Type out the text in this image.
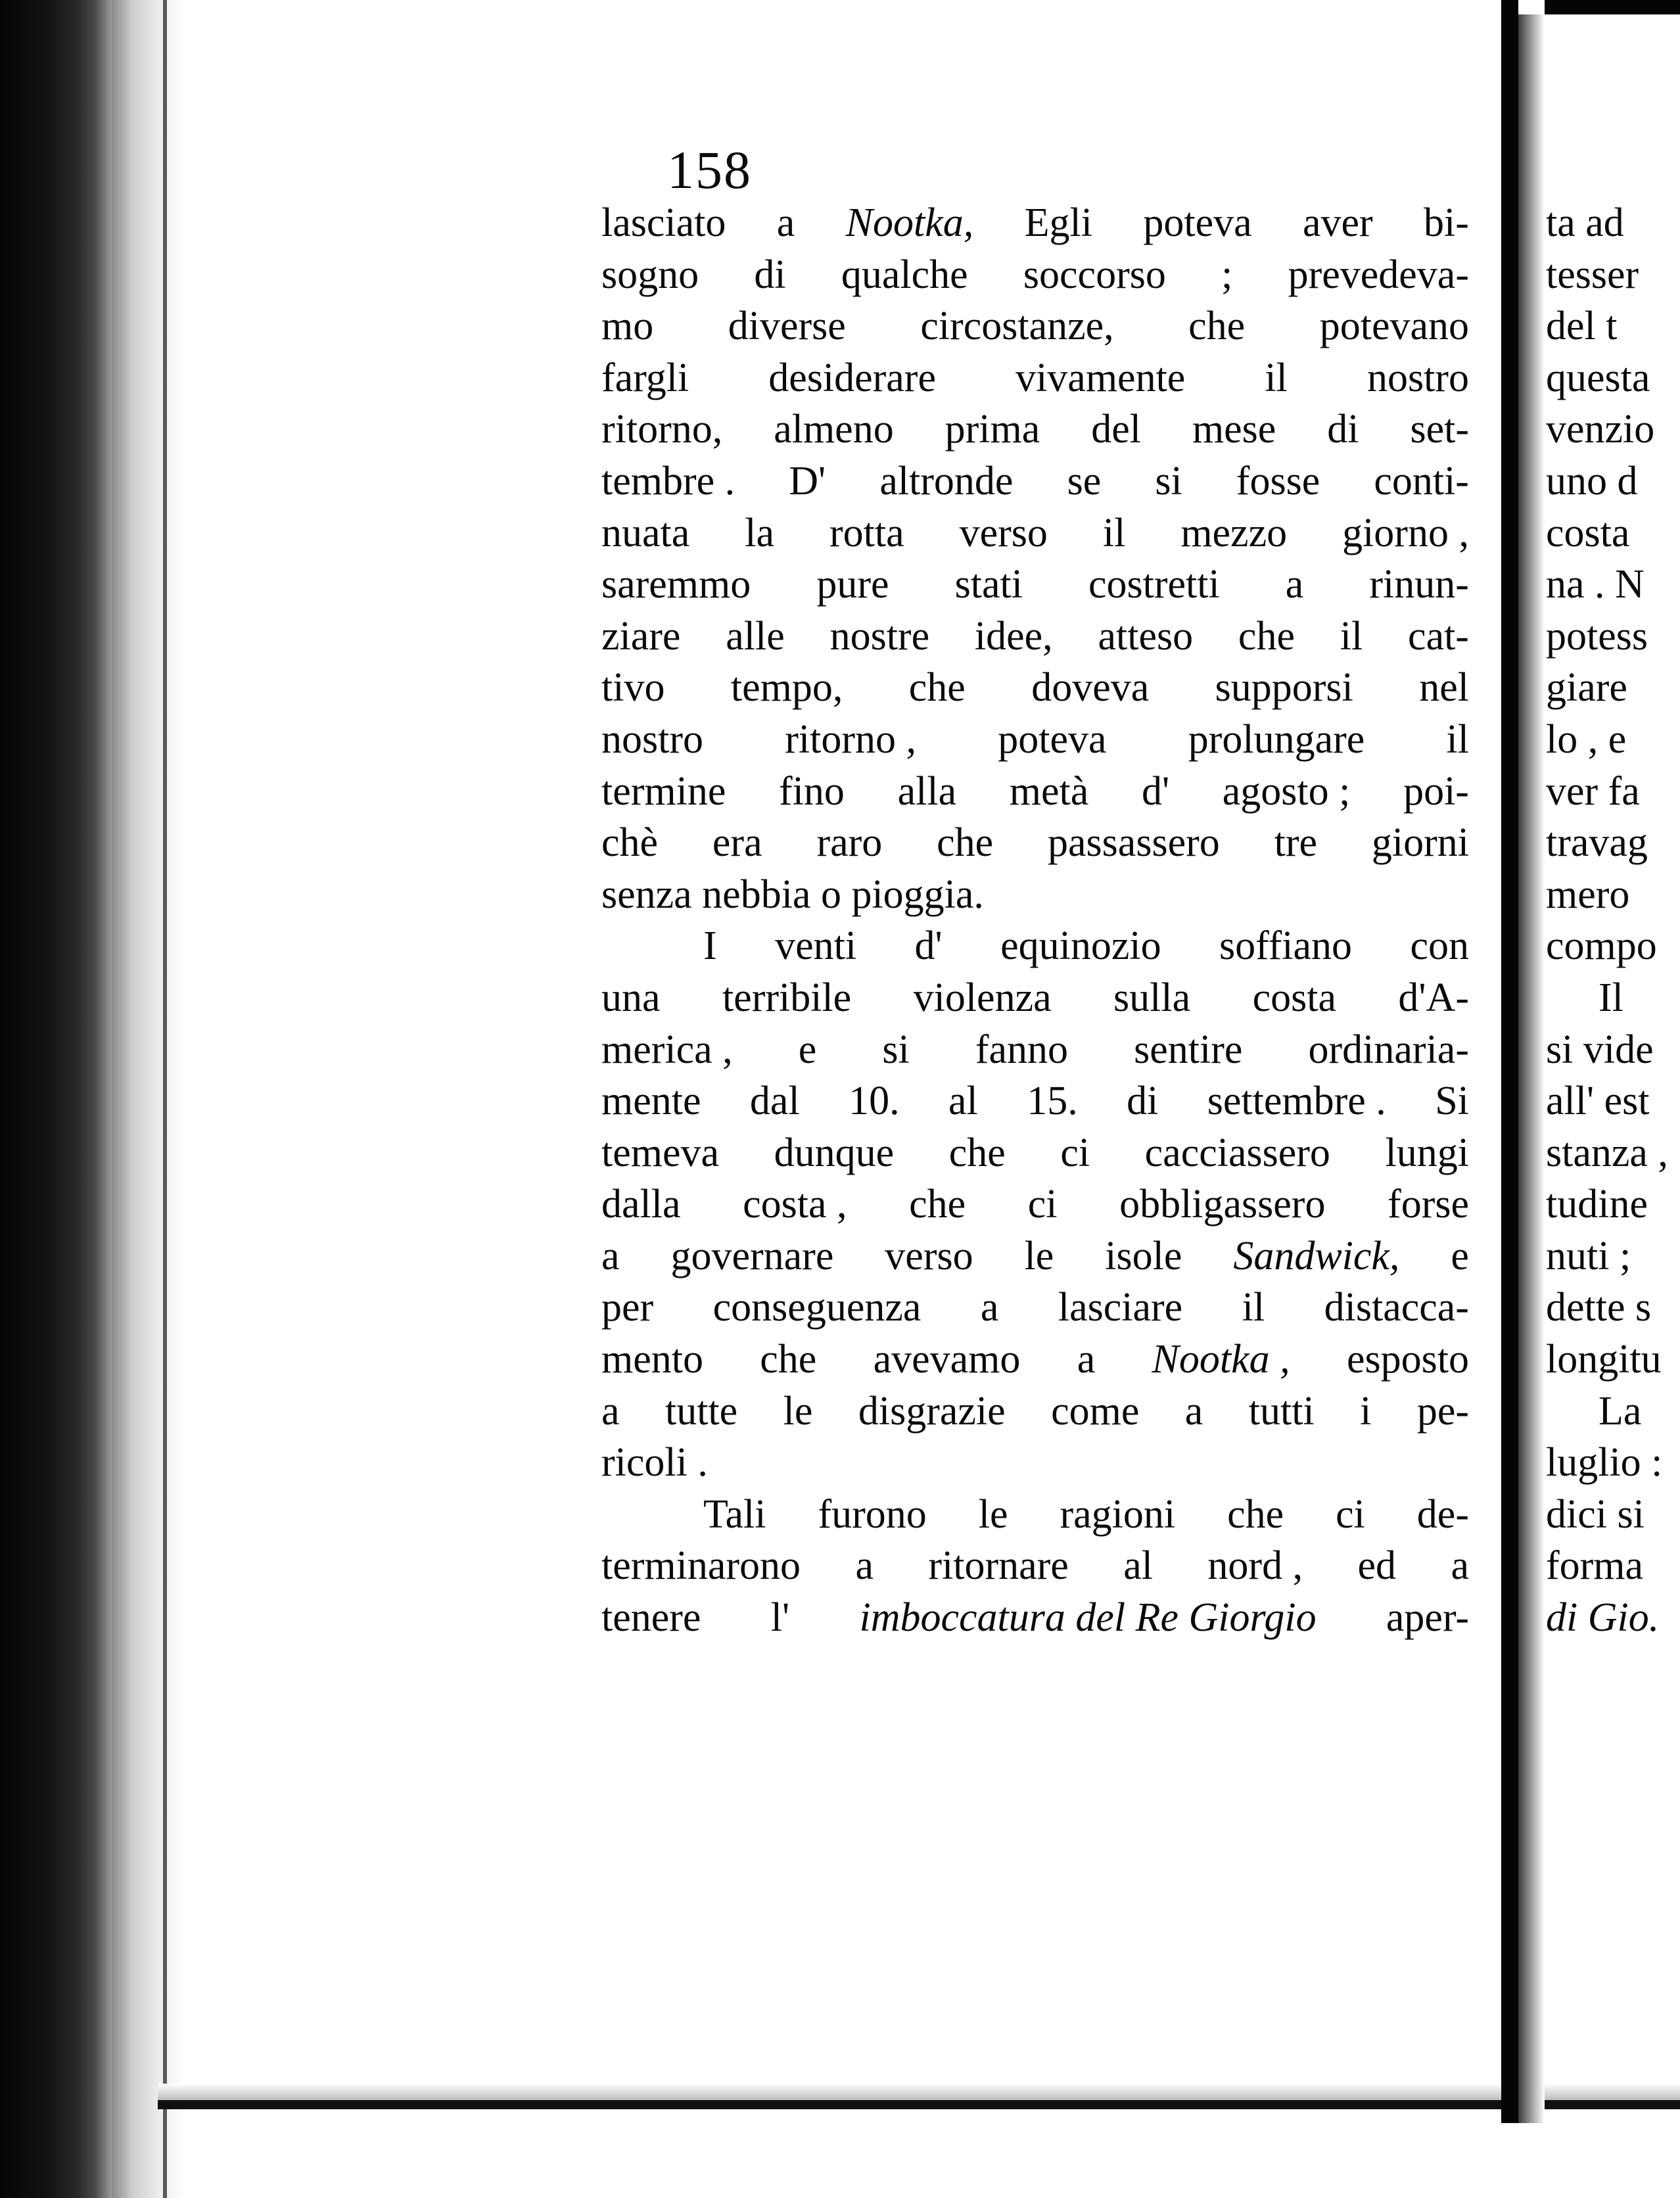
158
lasciato a Nootka, Egli poteva aver bi-
sogno di qualche soccorso ; prevedeva-
mo diverse circostanze, che potevano
fargli desiderare vivamente il nostro
ritorno, almeno prima del mese di set-
tembre . D' altronde se si fosse conti-
nuata la rotta verso il mezzo giorno ,
saremmo pure stati costretti a rinun-
ziare alle nostre idee, atteso che il cat-
tivo tempo, che doveva supporsi nel
nostro ritorno , poteva prolungare il
termine fino alla metà d' agosto ; poi-
chè era raro che passassero tre giorni
senza nebbia o pioggia.
I venti d' equinozio soffiano con
una terribile violenza sulla costa d'A-
merica , e si fanno sentire ordinaria-
mente dal 10. al 15. di settembre . Si
temeva dunque che ci cacciassero lungi
dalla costa , che ci obbligassero forse
a governare verso le isole Sandwick, e
per conseguenza a lasciare il distacca-
mento che avevamo a Nootka , esposto
a tutte le disgrazie come a tutti i pe-
ricoli .
Tali furono le ragioni che ci de-
terminarono a ritornare al nord , ed a
tenere l' imboccatura del Re Giorgio aper-
ta ad
tesser
del t
questa
venzio
uno d
costa
na . N
potess
giare
lo , e
ver fa
travag
mero
compo
Il
si vide
all' est
stanza ,
tudine
nuti ;
dette s
longitu
La
luglio :
dici si
forma
di Gio.
